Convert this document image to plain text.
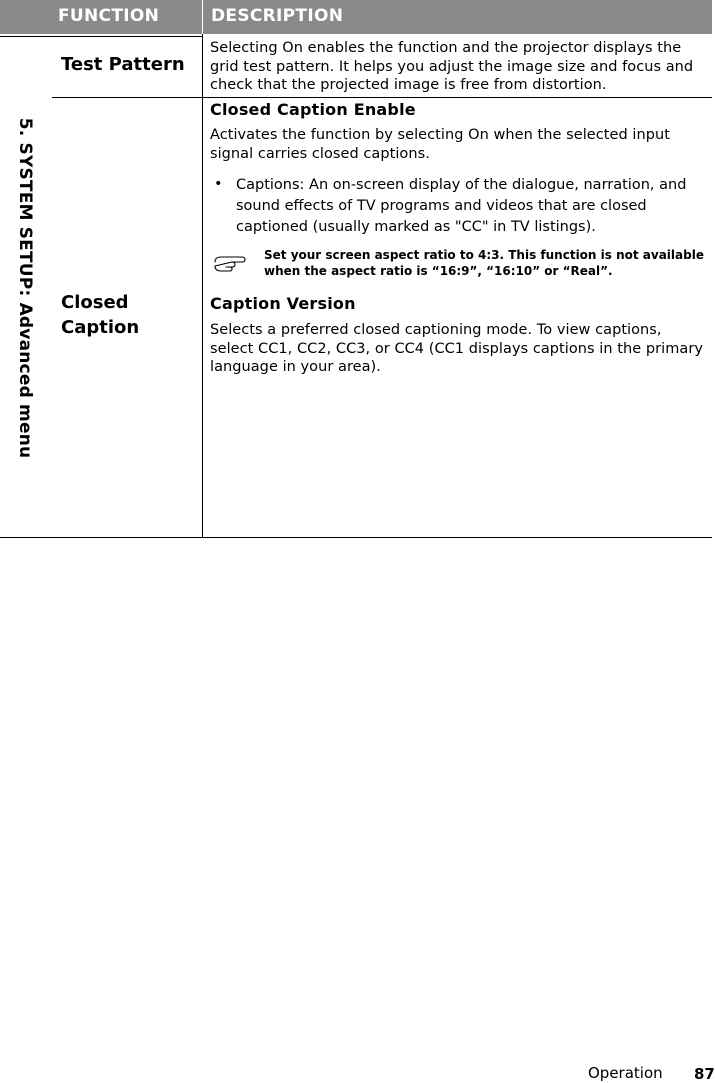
FUNCTION	DESCRIPTION
5. SYSTEM SETUP: Advanced menu
Test Pattern
Selecting On enables the function and the projector displays the grid test pattern. It helps you adjust the image size and focus and check that the projected image is free from distortion.
Closed Caption
Closed Caption Enable
Activates the function by selecting On when the selected input signal carries closed captions.
• Captions: An on-screen display of the dialogue, narration, and sound effects of TV programs and videos that are closed captioned (usually marked as "CC" in TV listings).
Set your screen aspect ratio to 4:3. This function is not available when the aspect ratio is “16:9”, “16:10” or “Real”.
Caption Version
Selects a preferred closed captioning mode. To view captions, select CC1, CC2, CC3, or CC4 (CC1 displays captions in the primary language in your area).
Operation 87
